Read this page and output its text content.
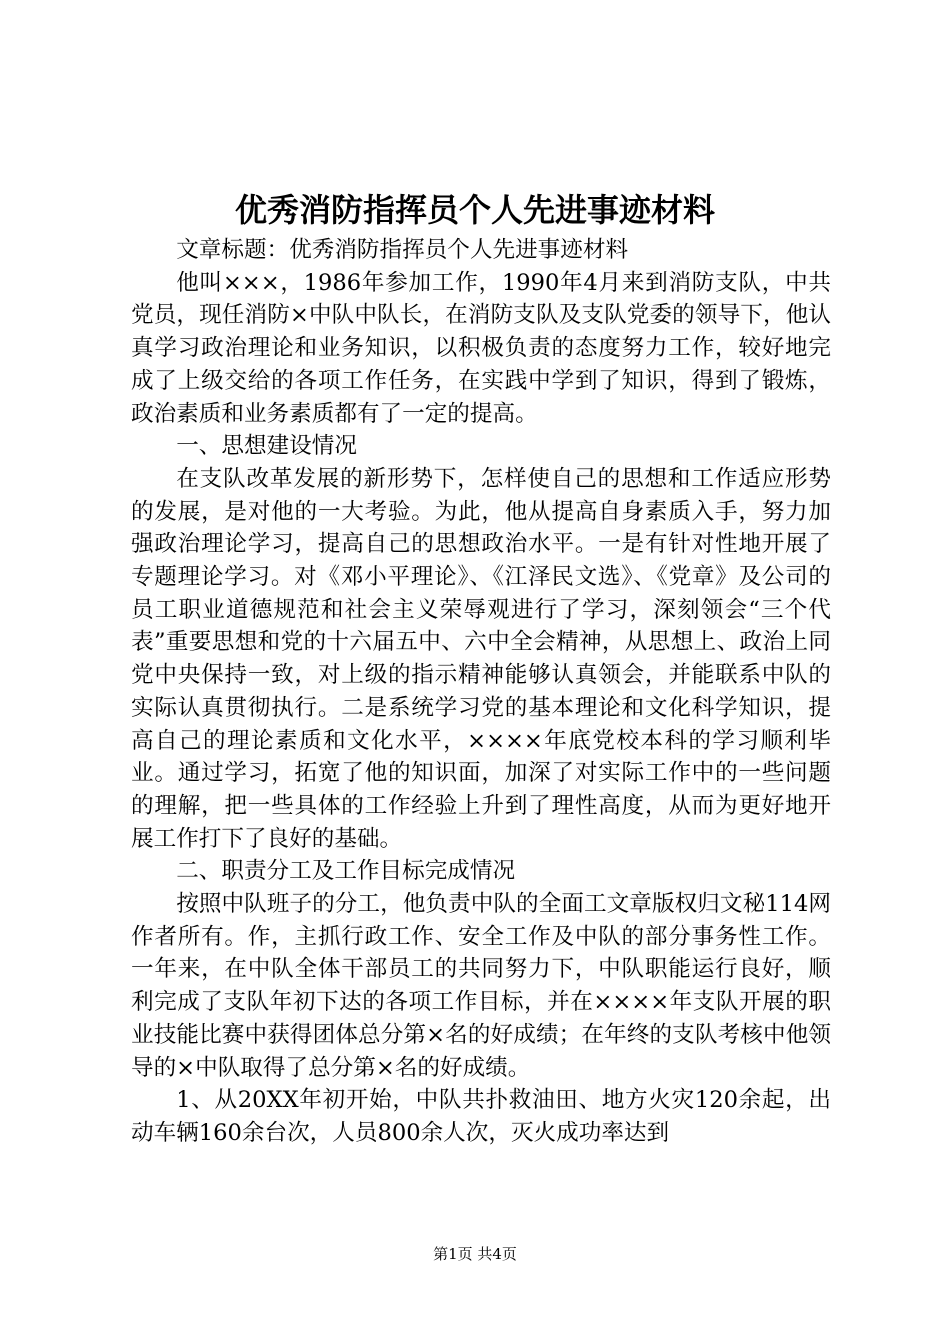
优秀消防指挥员个人先进事迹材料

文章标题：优秀消防指挥员个人先进事迹材料

他叫×××，1986年参加工作，1990年4月来到消防支队，中共党员，现任消防×中队中队长，在消防支队及支队党委的领导下，他认真学习政治理论和业务知识，以积极负责的态度努力工作，较好地完成了上级交给的各项工作任务，在实践中学到了知识，得到了锻炼，政治素质和业务素质都有了一定的提高。

一、思想建设情况

在支队改革发展的新形势下，怎样使自己的思想和工作适应形势的发展，是对他的一大考验。为此，他从提高自身素质入手，努力加强政治理论学习，提高自己的思想政治水平。一是有针对性地开展了专题理论学习。对《邓小平理论》、《江泽民文选》、《党章》及公司的员工职业道德规范和社会主义荣辱观进行了学习，深刻领会“三个代表”重要思想和党的十六届五中、六中全会精神，从思想上、政治上同党中央保持一致，对上级的指示精神能够认真领会，并能联系中队的实际认真贯彻执行。二是系统学习党的基本理论和文化科学知识，提高自己的理论素质和文化水平，××××年底党校本科的学习顺利毕业。通过学习，拓宽了他的知识面，加深了对实际工作中的一些问题的理解，把一些具体的工作经验上升到了理性高度，从而为更好地开展工作打下了良好的基础。

二、职责分工及工作目标完成情况

按照中队班子的分工，他负责中队的全面工文章版权归文秘114网作者所有。作，主抓行政工作、安全工作及中队的部分事务性工作。一年来，在中队全体干部员工的共同努力下，中队职能运行良好，顺利完成了支队年初下达的各项工作目标，并在××××年支队开展的职业技能比赛中获得团体总分第×名的好成绩；在年终的支队考核中他领导的×中队取得了总分第×名的好成绩。

1、从20XX年初开始，中队共扑救油田、地方火灾120余起，出动车辆160余台次，人员800余人次，灭火成功率达到

第1页 共4页
